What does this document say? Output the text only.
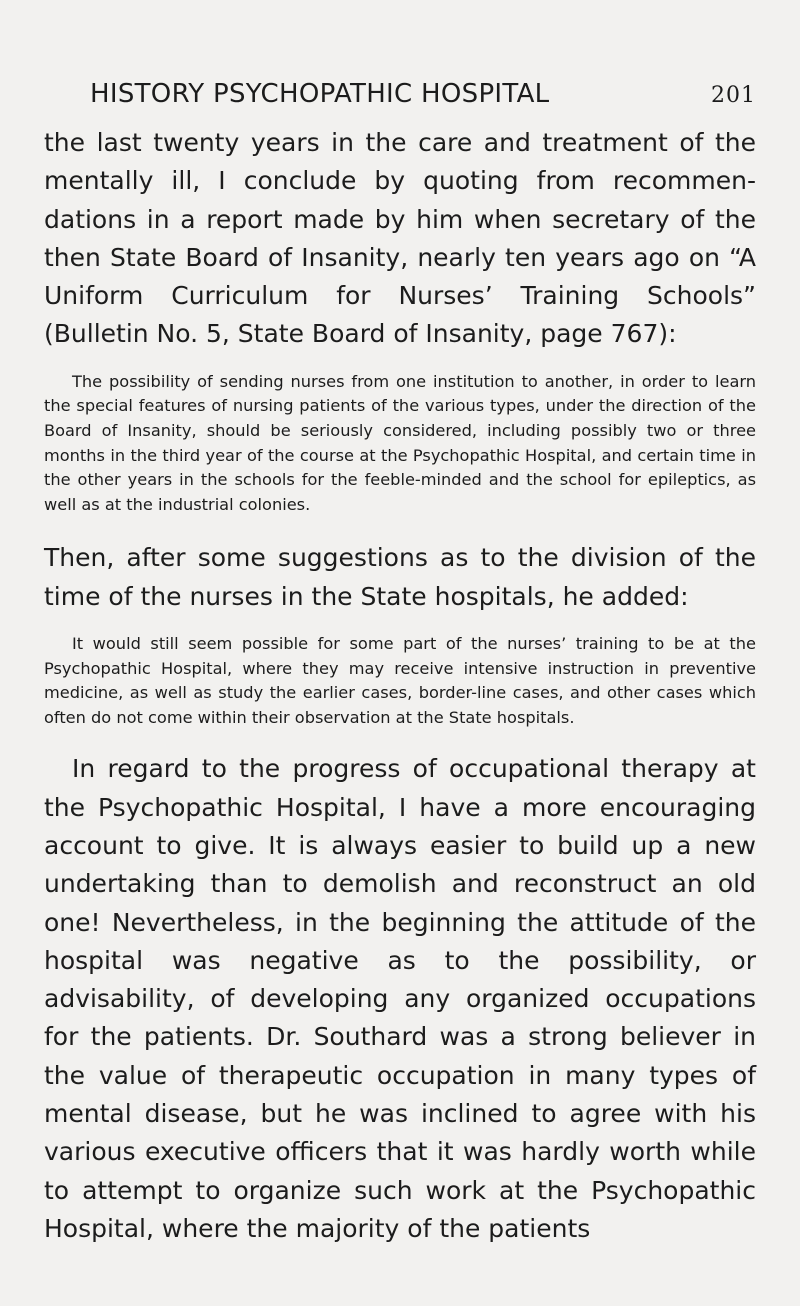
HISTORY PSYCHOPATHIC HOSPITAL	201

the last twenty years in the care and treatment of the mentally ill, I conclude by quoting from recommendations in a report made by him when secretary of the then State Board of Insanity, nearly ten years ago on “A Uniform Curriculum for Nurses’ Training Schools” (Bulletin No. 5, State Board of Insanity, page 767):

The possibility of sending nurses from one institution to another, in order to learn the special features of nursing patients of the various types, under the direction of the Board of Insanity, should be seriously considered, including possibly two or three months in the third year of the course at the Psychopathic Hospital, and certain time in the other years in the schools for the feeble-minded and the school for epileptics, as well as at the industrial colonies.

Then, after some suggestions as to the division of the time of the nurses in the State hospitals, he added:

It would still seem possible for some part of the nurses’ training to be at the Psychopathic Hospital, where they may receive intensive instruction in preventive medicine, as well as study the earlier cases, border-line cases, and other cases which often do not come within their observation at the State hospitals.

In regard to the progress of occupational therapy at the Psychopathic Hospital, I have a more encouraging account to give. It is always easier to build up a new undertaking than to demolish and reconstruct an old one! Nevertheless, in the beginning the attitude of the hospital was negative as to the possibility, or advisability, of developing any organized occupations for the patients. Dr. Southard was a strong believer in the value of therapeutic occupation in many types of mental disease, but he was inclined to agree with his various executive officers that it was hardly worth while to attempt to organize such work at the Psychopathic Hospital, where the majority of the patients
